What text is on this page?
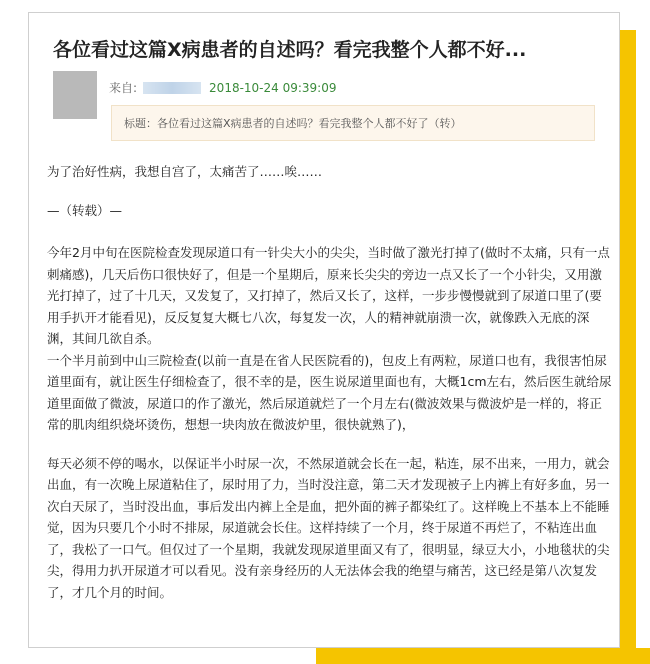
各位看过这篇X病患者的自述吗？看完我整个人都不好...
来自:	2018-10-24 09:39:09
标题：各位看过这篇X病患者的自述吗？看完我整个人都不好了（转）

为了治好性病，我想自宫了，太痛苦了……唉……

—（转载）—

今年2月中旬在医院检查发现尿道口有一针尖大小的尖尖，当时做了激光打掉了(做时不太痛，只有一点刺痛感)，几天后伤口很快好了，但是一个星期后，原来长尖尖的旁边一点又长了一个小针尖，又用激光打掉了，过了十几天，又发复了，又打掉了，然后又长了，这样，一步步慢慢就到了尿道口里了(要用手扒开才能看见)，反反复复大概七八次，每复发一次，人的精神就崩溃一次，就像跌入无底的深渊，其间几欲自杀。

一个半月前到中山三院检查(以前一直是在省人民医院看的)，包皮上有两粒，尿道口也有，我很害怕尿道里面有，就让医生仔细检查了，很不幸的是，医生说尿道里面也有，大概1cm左右，然后医生就给尿道里面做了微波，尿道口的作了激光，然后尿道就烂了一个月左右(微波效果与微波炉是一样的，将正常的肌肉组织烧坏烫伤，想想一块肉放在微波炉里，很快就熟了)，

每天必须不停的喝水，以保证半小时尿一次，不然尿道就会长在一起，粘连，尿不出来，一用力，就会出血，有一次晚上尿道粘住了，尿时用了力，当时没注意，第二天才发现被子上内裤上有好多血，另一次白天尿了，当时没出血，事后发出内裤上全是血，把外面的裤子都染红了。这样晚上不基本上不能睡觉，因为只要几个小时不排尿，尿道就会长住。这样持续了一个月，终于尿道不再烂了，不粘连出血了，我松了一口气。但仅过了一个星期，我就发现尿道里面又有了，很明显，绿豆大小，小地毯状的尖尖，得用力扒开尿道才可以看见。没有亲身经历的人无法体会我的绝望与痛苦，这已经是第八次复发了，才几个月的时间。
